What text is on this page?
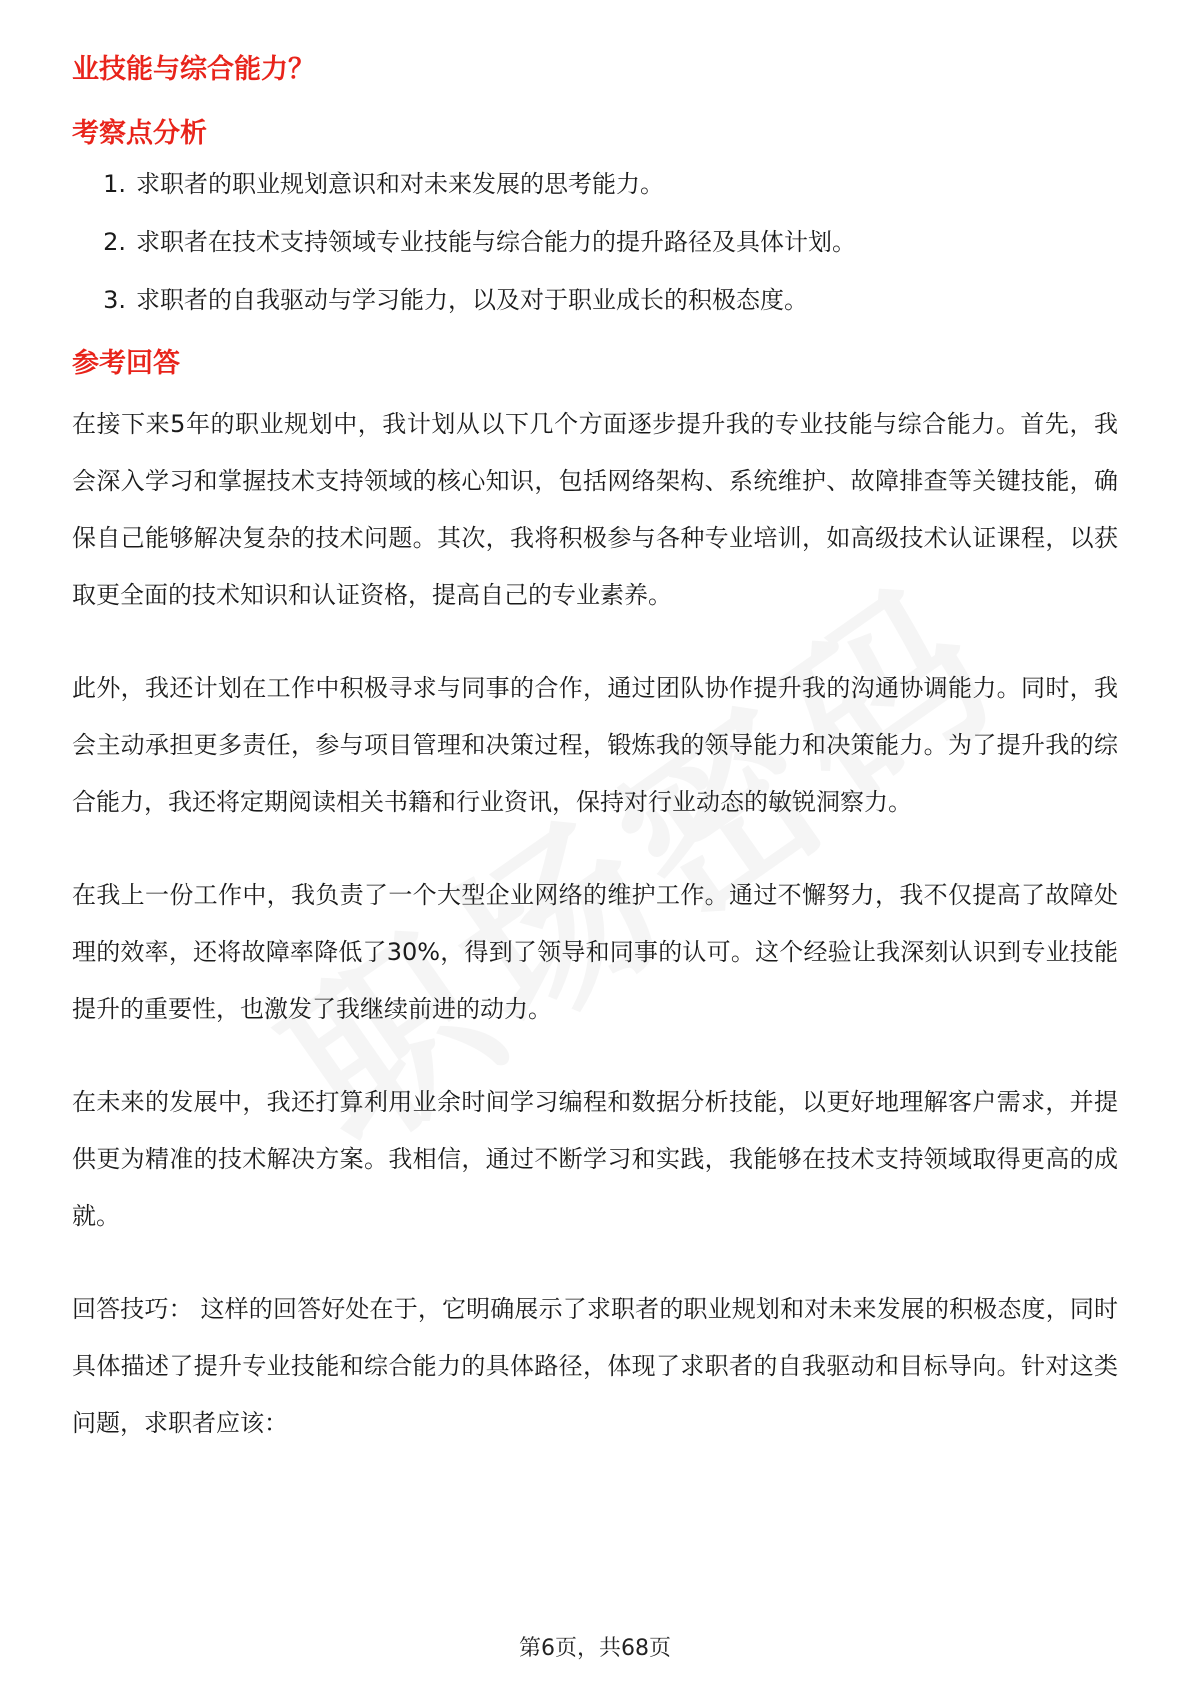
业技能与综合能力？
考察点分析
1. 求职者的职业规划意识和对未来发展的思考能力。
2. 求职者在技术支持领域专业技能与综合能力的提升路径及具体计划。
3. 求职者的自我驱动与学习能力，以及对于职业成长的积极态度。
参考回答

在接下来5年的职业规划中，我计划从以下几个方面逐步提升我的专业技能与综合能力。首先，我会深入学习和掌握技术支持领域的核心知识，包括网络架构、系统维护、故障排查等关键技能，确保自己能够解决复杂的技术问题。其次，我将积极参与各种专业培训，如高级技术认证课程，以获取更全面的技术知识和认证资格，提高自己的专业素养。

此外，我还计划在工作中积极寻求与同事的合作，通过团队协作提升我的沟通协调能力。同时，我会主动承担更多责任，参与项目管理和决策过程，锻炼我的领导能力和决策能力。为了提升我的综合能力，我还将定期阅读相关书籍和行业资讯，保持对行业动态的敏锐洞察力。

在我上一份工作中，我负责了一个大型企业网络的维护工作。通过不懈努力，我不仅提高了故障处理的效率，还将故障率降低了30%，得到了领导和同事的认可。这个经验让我深刻认识到专业技能提升的重要性，也激发了我继续前进的动力。

在未来的发展中，我还打算利用业余时间学习编程和数据分析技能，以更好地理解客户需求，并提供更为精准的技术解决方案。我相信，通过不断学习和实践，我能够在技术支持领域取得更高的成就。

回答技巧： 这样的回答好处在于，它明确展示了求职者的职业规划和对未来发展的积极态度，同时具体描述了提升专业技能和综合能力的具体路径，体现了求职者的自我驱动和目标导向。针对这类问题，求职者应该：

第6页，共68页
